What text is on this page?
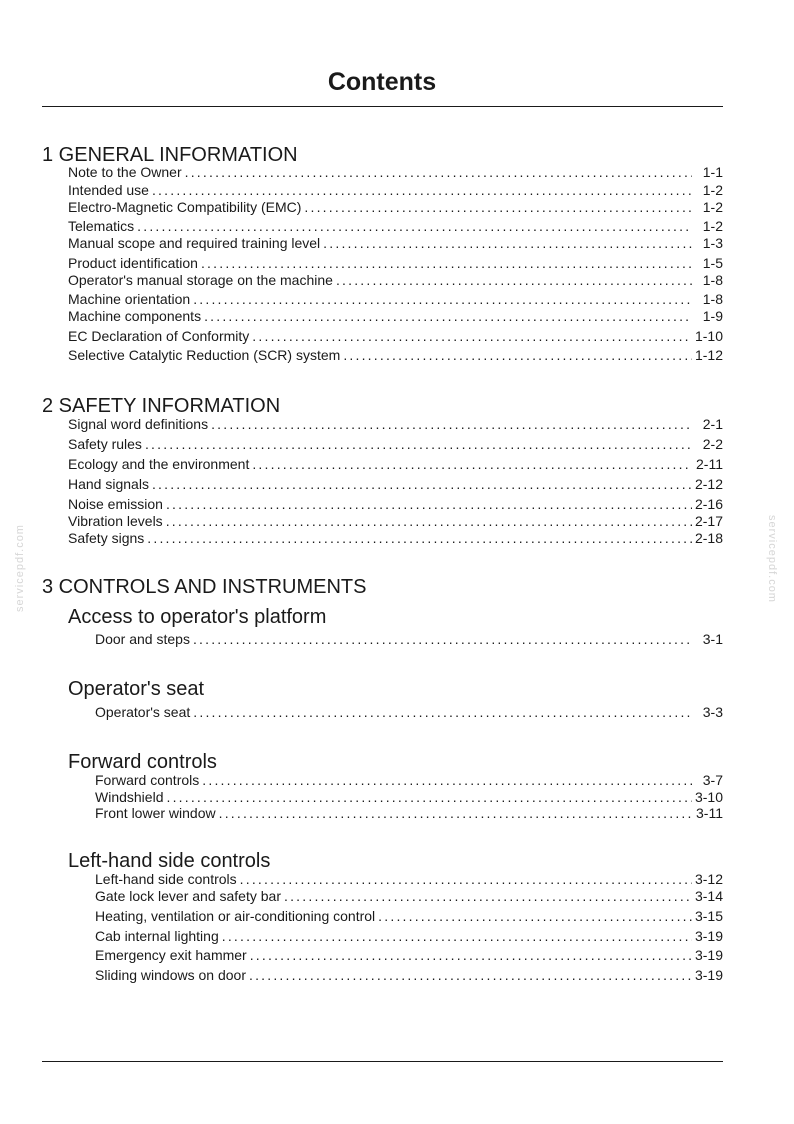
Contents
servicepdf.com	servicepdf.com
1 GENERAL INFORMATION
Note to the Owner .....	1-1
Intended use .....	1-2
Electro-Magnetic Compatibility (EMC) .....	1-2
Telematics .....	1-2
Manual scope and required training level .....	1-3
Product identification .....	1-5
Operator's manual storage on the machine .....	1-8
Machine orientation .....	1-8
Machine components .....	1-9
EC Declaration of Conformity .....	1-10
Selective Catalytic Reduction (SCR) system .....	1-12
2 SAFETY INFORMATION
Signal word definitions .....	2-1
Safety rules .....	2-2
Ecology and the environment .....	2-11
Hand signals .....	2-12
Noise emission .....	2-16
Vibration levels .....	2-17
Safety signs .....	2-18
3 CONTROLS AND INSTRUMENTS
Access to operator's platform
Door and steps .....	3-1
Operator's seat
Operator's seat .....	3-3
Forward controls
Forward controls .....	3-7
Windshield .....	3-10
Front lower window .....	3-11
Left-hand side controls
Left-hand side controls .....	3-12
Gate lock lever and safety bar .....	3-14
Heating, ventilation or air-conditioning control .....	3-15
Cab internal lighting .....	3-19
Emergency exit hammer .....	3-19
Sliding windows on door .....	3-19
